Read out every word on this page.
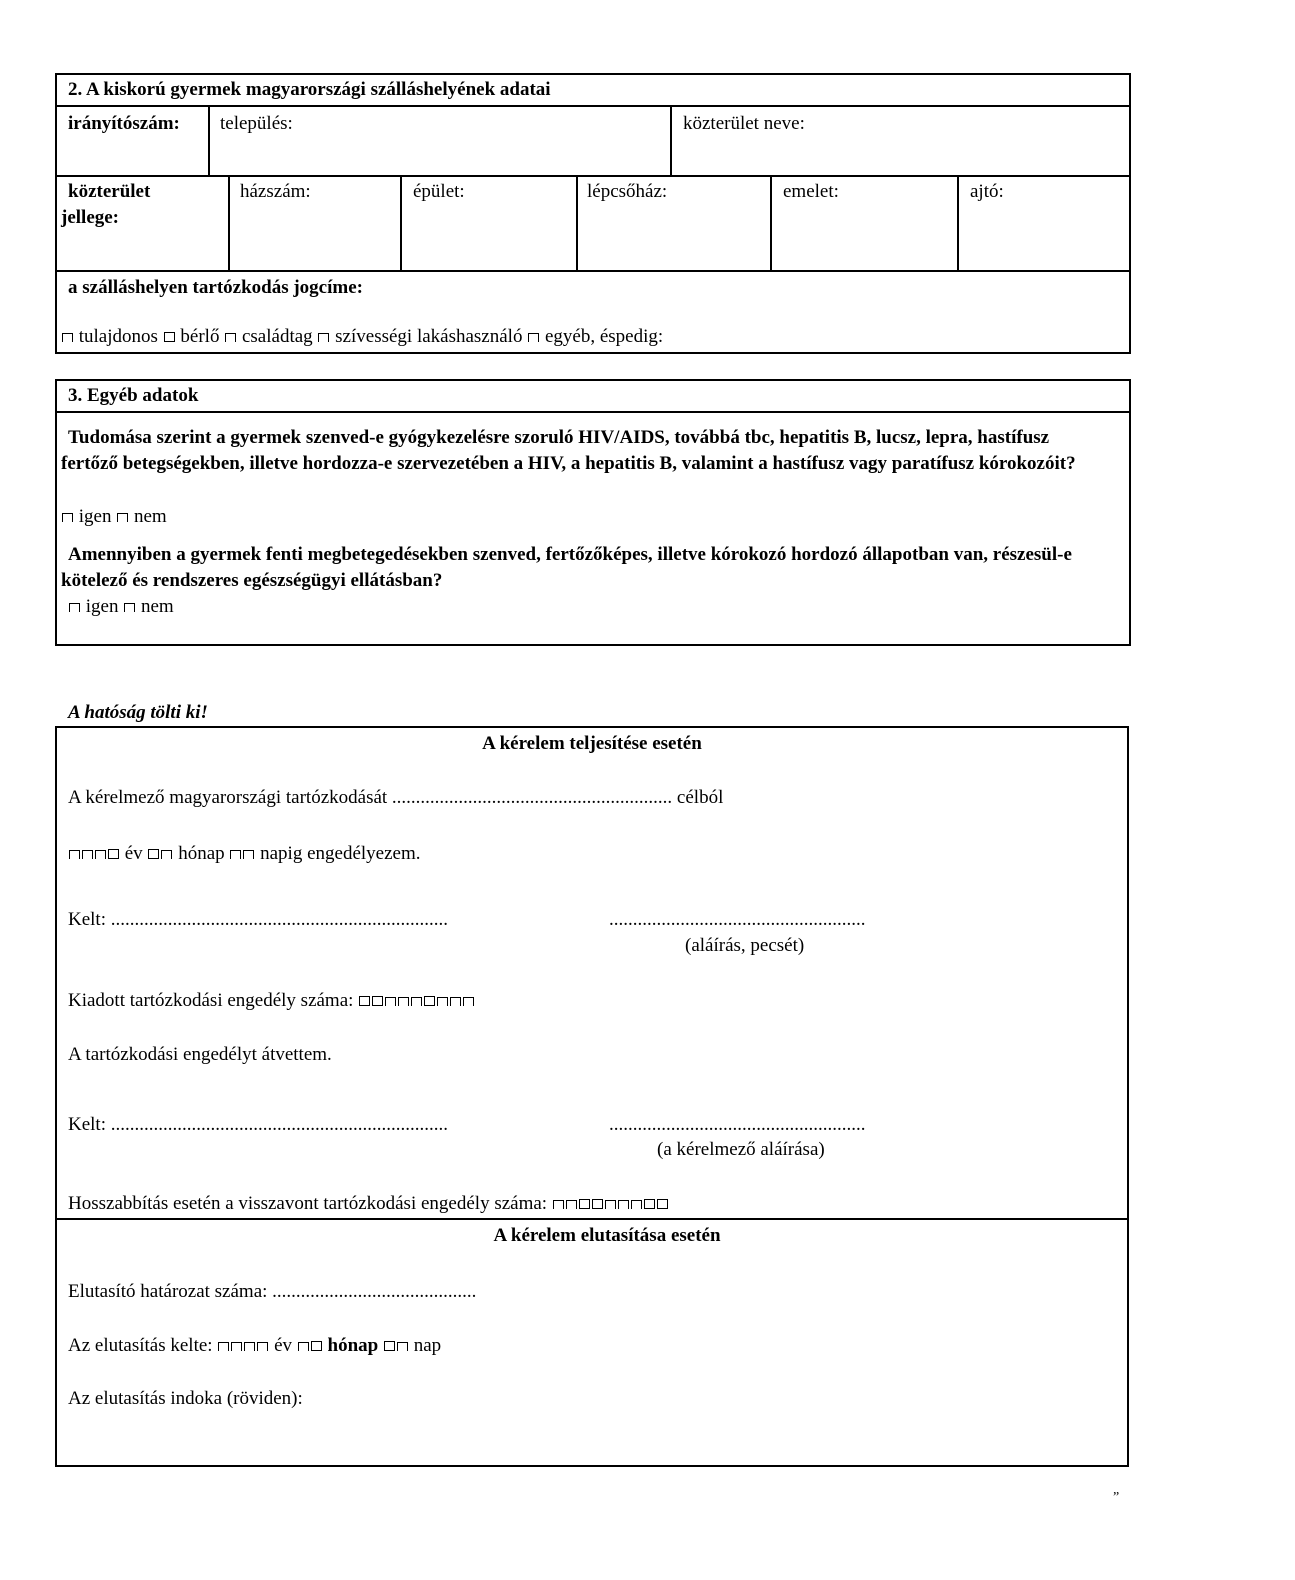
2. A kiskorú gyermek magyarországi szálláshelyének adatai
irányítószám: település:	közterület neve:
közterület
jellege:
házszám:	épület:	lépcsőház:	emelet:	ajtó:
a szálláshelyen tartózkodás jogcíme:
tulajdonos bérlő családtag szívességi lakáshasználó egyéb, éspedig:
3. Egyéb adatok
Tudomása szerint a gyermek szenved-e gyógykezelésre szoruló HIV/AIDS, továbbá tbc, hepatitis B, lucsz, lepra, hastífusz fertőző betegségekben, illetve hordozza-e szervezetében a HIV, a hepatitis B, valamint a hastífusz vagy paratífusz kórokozóit?
igen nem
Amennyiben a gyermek fenti megbetegedésekben szenved, fertőzőképes, illetve kórokozó hordozó állapotban van, részesül-e kötelező és rendszeres egészségügyi ellátásban?
igen nem
A hatóság tölti ki!
A kérelem teljesítése esetén
A kérelmező magyarországi tartózkodását ........................................................... célból
év hónap napig engedélyezem.
Kelt: .......................................................................	......................................................
(aláírás, pecsét)
Kiadott tartózkodási engedély száma:
A tartózkodási engedélyt átvettem.
Kelt: .......................................................................	......................................................
(a kérelmező aláírása)
Hosszabbítás esetén a visszavont tartózkodási engedély száma:
A kérelem elutasítása esetén
Elutasító határozat száma: ...........................................
Az elutasítás kelte:	év hónap nap
Az elutasítás indoka (röviden):
”
